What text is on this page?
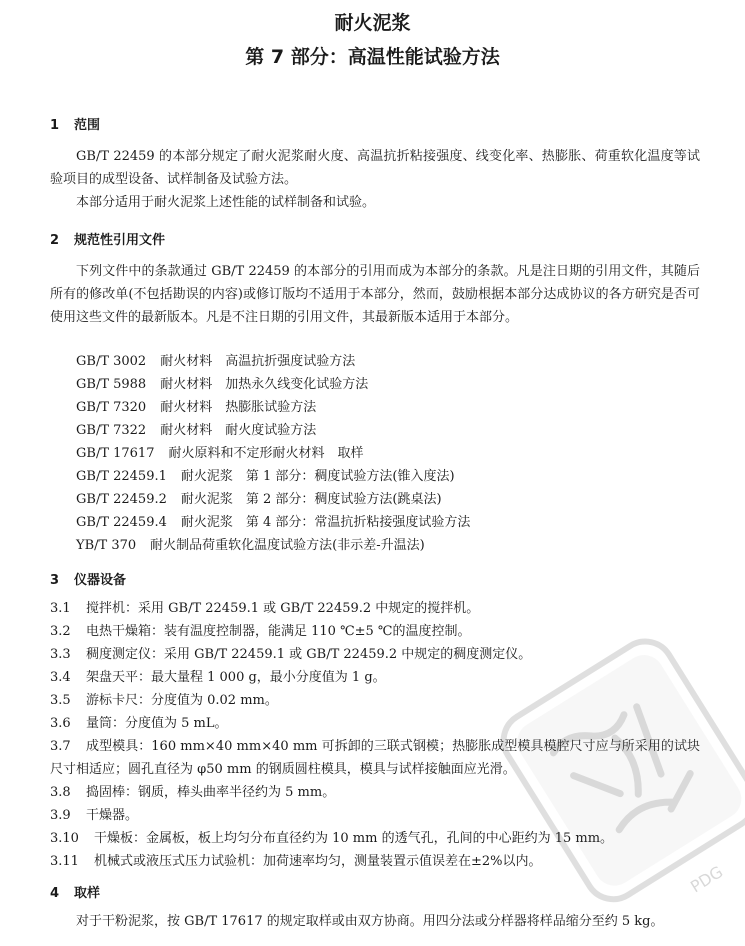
耐火泥浆
第 7 部分：高温性能试验方法
1 范围
GB/T 22459 的本部分规定了耐火泥浆耐火度、高温抗折粘接强度、线变化率、热膨胀、荷重软化温度等试验项目的成型设备、试样制备及试验方法。
本部分适用于耐火泥浆上述性能的试样制备和试验。
2 规范性引用文件
下列文件中的条款通过 GB/T 22459 的本部分的引用而成为本部分的条款。凡是注日期的引用文件，其随后所有的修改单(不包括勘误的内容)或修订版均不适用于本部分，然而，鼓励根据本部分达成协议的各方研究是否可使用这些文件的最新版本。凡是不注日期的引用文件，其最新版本适用于本部分。
GB/T 3002 耐火材料　高温抗折强度试验方法
GB/T 5988 耐火材料　加热永久线变化试验方法
GB/T 7320 耐火材料　热膨胀试验方法
GB/T 7322 耐火材料　耐火度试验方法
GB/T 17617 耐火原料和不定形耐火材料　取样
GB/T 22459.1 耐火泥浆　第 1 部分：稠度试验方法(锥入度法)
GB/T 22459.2 耐火泥浆　第 2 部分：稠度试验方法(跳桌法)
GB/T 22459.4 耐火泥浆　第 4 部分：常温抗折粘接强度试验方法
YB/T 370 耐火制品荷重软化温度试验方法(非示差-升温法)
3 仪器设备
3.1 搅拌机：采用 GB/T 22459.1 或 GB/T 22459.2 中规定的搅拌机。
3.2 电热干燥箱：装有温度控制器，能满足 110 ℃±5 ℃的温度控制。
3.3 稠度测定仪：采用 GB/T 22459.1 或 GB/T 22459.2 中规定的稠度测定仪。
3.4 架盘天平：最大量程 1 000 g，最小分度值为 1 g。
3.5 游标卡尺：分度值为 0.02 mm。
3.6 量筒：分度值为 5 mL。
3.7 成型模具：160 mm×40 mm×40 mm 可拆卸的三联式钢模；热膨胀成型模具模腔尺寸应与所采用的试块尺寸相适应；圆孔直径为 φ50 mm 的钢质圆柱模具，模具与试样接触面应光滑。
3.8 捣固棒：钢质，棒头曲率半径约为 5 mm。
3.9 干燥器。
3.10 干燥板：金属板，板上均匀分布直径约为 10 mm 的透气孔，孔间的中心距约为 15 mm。
3.11 机械式或液压式压力试验机：加荷速率均匀，测量装置示值误差在±2%以内。
4 取样
对于干粉泥浆，按 GB/T 17617 的规定取样或由双方协商。用四分法或分样器将样品缩分至约 5 kg。
PDG
